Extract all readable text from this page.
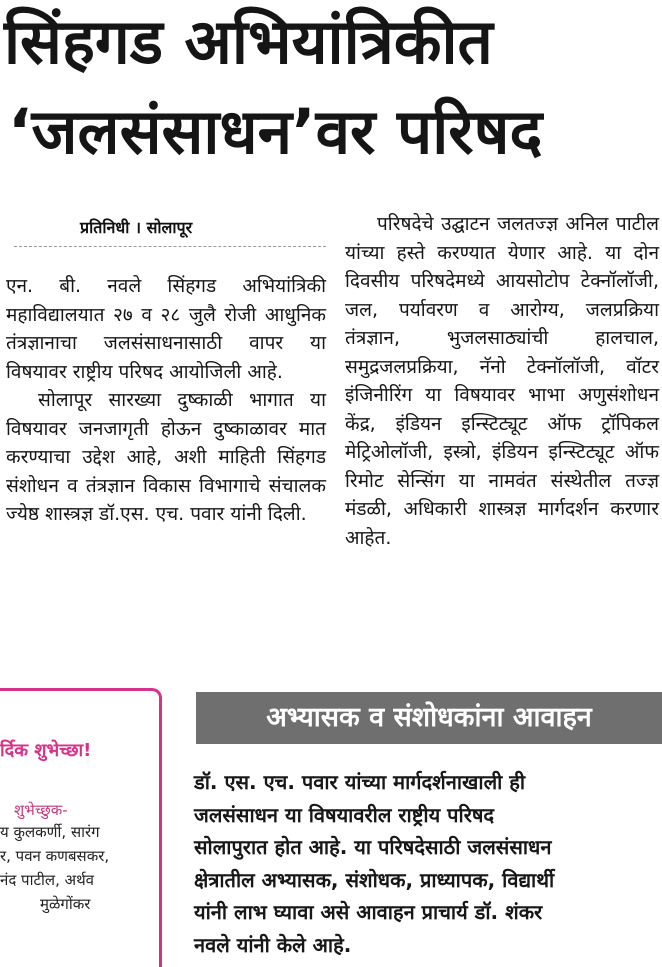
सिंहगड अभियांत्रिकीत
‘जलसंसाधन’वर परिषद
प्रतिनिधी । सोलापूर

एन. बी. नवले सिंहगड अभियांत्रिकी महाविद्यालयात २७ व २८ जुलै रोजी आधुनिक तंत्रज्ञानाचा जलसंसाधनासाठी वापर या विषयावर राष्ट्रीय परिषद आयोजिली आहे.

सोलापूर सारख्या दुष्काळी भागात या विषयावर जनजागृती होऊन दुष्काळावर मात करण्याचा उद्देश आहे, अशी माहिती सिंहगड संशोधन व तंत्रज्ञान विकास विभागाचे संचालक ज्येष्ठ शास्त्रज्ञ डॉ.एस. एच. पवार यांनी दिली.

परिषदेचे उद्घाटन जलतज्ज्ञ अनिल पाटील यांच्या हस्ते करण्यात येणार आहे. या दोन दिवसीय परिषदेमध्ये आयसोटोप टेक्नॉलॉजी, जल, पर्यावरण व आरोग्य, जलप्रक्रिया तंत्रज्ञान, भुजलसाठ्यांची हालचाल, समुद्रजलप्रक्रिया, नॅनो टेक्नॉलॉजी, वॉटर इंजिनीरिंग या विषयावर भाभा अणुसंशोधन केंद्र, इंडियन इन्स्टिट्यूट ऑफ ट्रॉपिकल मेट्रिओलॉजी, इस्त्रो, इंडियन इन्स्टिट्यूट ऑफ रिमोट सेन्सिंग या नामवंत संस्थेतील तज्ज्ञ मंडळी, अधिकारी शास्त्रज्ञ मार्गदर्शन करणार आहेत.

र्दिक शुभेच्छा!
शुभेच्छुक-
य कुलकर्णी, सारंग
र, पवन कणबसकर,
नंद पाटील, अर्थव
मुळेगोंकर
अभ्यासक व संशोधकांना आवाहन
डॉ. एस. एच. पवार यांच्या मार्गदर्शनाखाली ही
जलसंसाधन या विषयावरील राष्ट्रीय परिषद
सोलापुरात होत आहे. या परिषदेसाठी जलसंसाधन
क्षेत्रातील अभ्यासक, संशोधक, प्राध्यापक, विद्यार्थी
यांनी लाभ घ्यावा असे आवाहन प्राचार्य डॉ. शंकर
नवले यांनी केले आहे.
